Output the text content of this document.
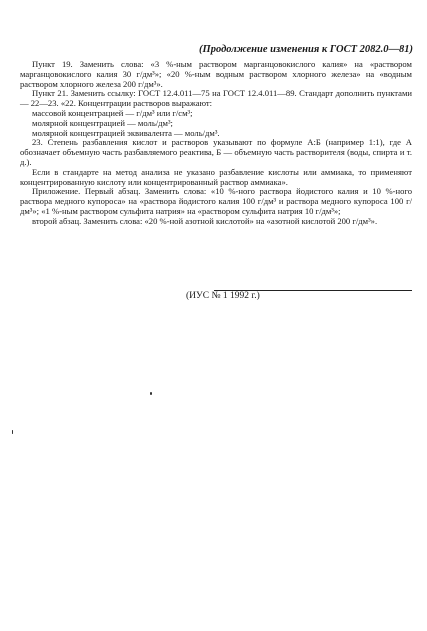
(Продолжение изменения к ГОСТ 2082.0—81)

Пункт 19. Заменить слова: «3 %-ным раствором марганцовокислого калия» на «раствором марганцовокислого калия 30 г/дм³»; «20 %-ным водным раствором хлорного железа» на «водным раствором хлорного железа 200 г/дм³».

Пункт 21. Заменить ссылку: ГОСТ 12.4.011—75 на ГОСТ 12.4.011—89. Стандарт дополнить пунктами — 22—23. «22. Концентрации растворов выражают:

массовой концентрацией — г/дм³ или г/см³;

молярной концентрацией — моль/дм³;

молярной концентрацией эквивалента — моль/дм³.

23. Степень разбавления кислот и растворов указывают по формуле А:Б (например 1:1), где А обозначает объемную часть разбавляемого реактива, Б — объемную часть растворителя (воды, спирта и т. д.).

Если в стандарте на метод анализа не указано разбавление кислоты или аммиака, то применяют концентрированную кислоту или концентрированный раствор аммиака».

Приложение. Первый абзац. Заменить слова: «10 %-ного раствора йодистого калия и 10 %-ного раствора медного купороса» на «раствора йодистого калия 100 г/дм³ и раствора медного купороса 100 г/дм³»; «1 %-ным раствором сульфита натрия» на «раствором сульфита натрия 10 г/дм³»;

второй абзац. Заменить слова: «20 %-ной азотной кислотой» на «азотной кислотой 200 г/дм³».

(ИУС № 1 1992 г.)
